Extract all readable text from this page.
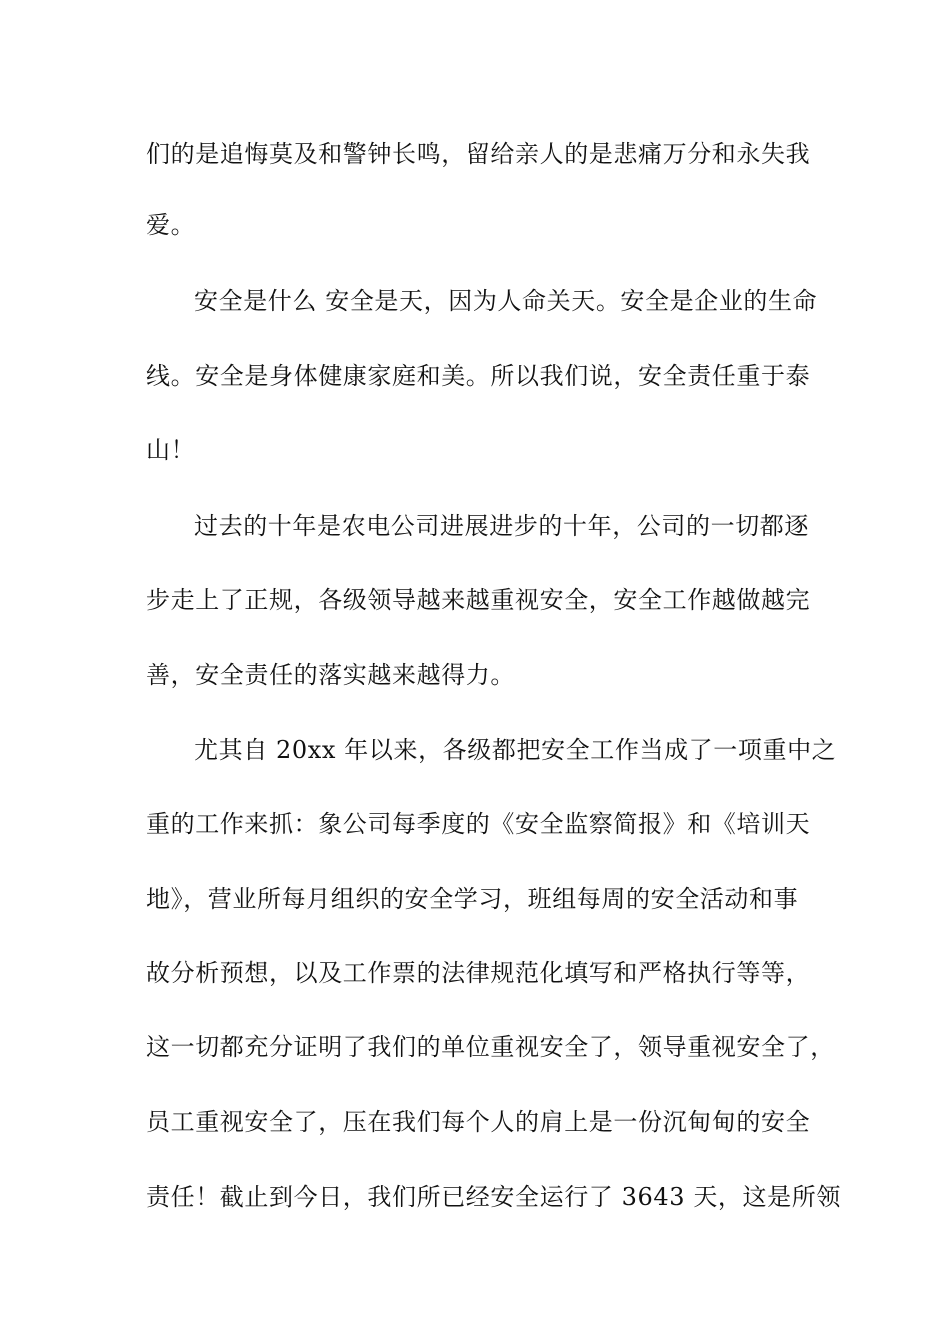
们的是追悔莫及和警钟长鸣，留给亲人的是悲痛万分和永失我
爱。
安全是什么 安全是天，因为人命关天。安全是企业的生命
线。安全是身体健康家庭和美。所以我们说，安全责任重于泰
山！
过去的十年是农电公司进展进步的十年，公司的一切都逐
步走上了正规，各级领导越来越重视安全，安全工作越做越完
善，安全责任的落实越来越得力。
尤其自 20xx 年以来，各级都把安全工作当成了一项重中之
重的工作来抓：象公司每季度的《安全监察简报》和《培训天
地》，营业所每月组织的安全学习，班组每周的安全活动和事
故分析预想，以及工作票的法律规范化填写和严格执行等等，
这一切都充分证明了我们的单位重视安全了，领导重视安全了，
员工重视安全了，压在我们每个人的肩上是一份沉甸甸的安全
责任！截止到今日，我们所已经安全运行了 3643 天，这是所领
